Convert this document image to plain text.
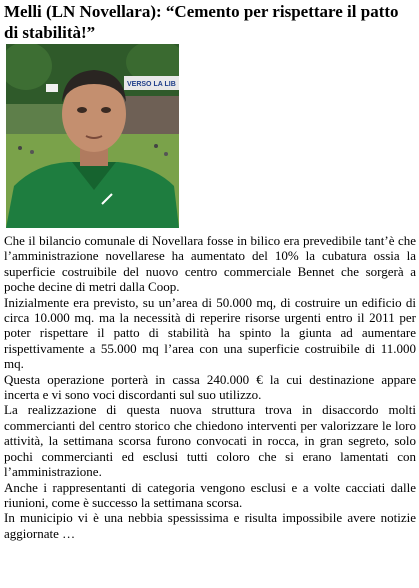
Melli (LN Novellara): “Cemento per rispettare il patto di stabilità!”
VERSO LA LIB

Che il bilancio comunale di Novellara fosse in bilico era prevedibile tant’è che l’amministrazione novellarese ha aumentato del 10% la cubatura ossia la superficie costruibile del nuovo centro commerciale Bennet che sorgerà a poche decine di metri dalla Coop.

Inizialmente era previsto, su un’area di 50.000 mq, di costruire un edificio di circa 10.000 mq. ma la necessità di reperire risorse urgenti entro il 2011 per poter rispettare il patto di stabilità ha spinto la giunta ad aumentare rispettivamente a 55.000 mq l’area con una superficie costruibile di 11.000 mq.

Questa operazione porterà in cassa 240.000 € la cui destinazione appare incerta e vi sono voci discordanti sul suo utilizzo.

La realizzazione di questa nuova struttura trova in disaccordo molti commercianti del centro storico che chiedono interventi per valorizzare le loro attività, la settimana scorsa furono convocati in rocca, in gran segreto, solo pochi commercianti ed esclusi tutti coloro che si erano lamentati con l’amministrazione.

Anche i rappresentanti di categoria vengono esclusi e a volte cacciati dalle riunioni, come è successo la settimana scorsa.

In municipio vi è una nebbia spessissima e risulta impossibile avere notizie aggiornate …
